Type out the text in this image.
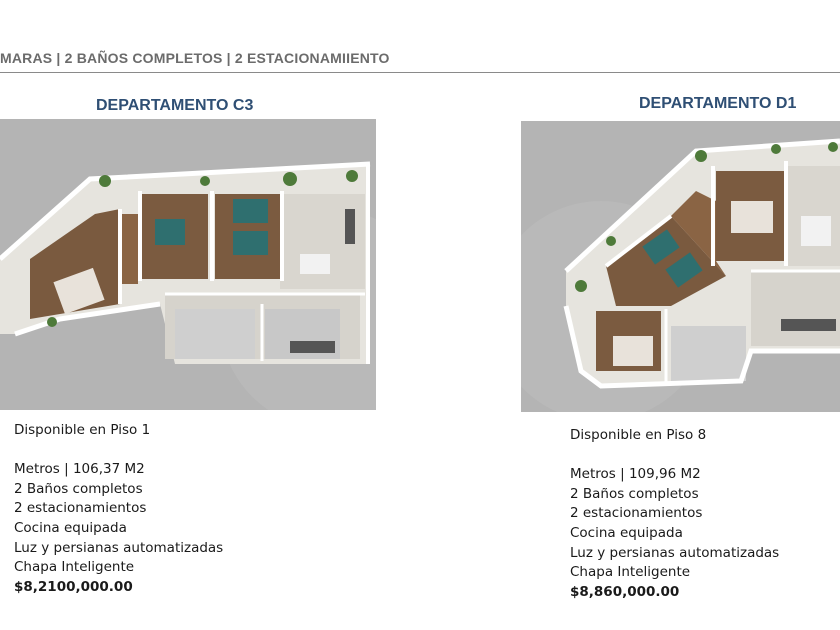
MARAS | 2 BAÑOS COMPLETOS | 2 ESTACIONAMIIENTO
DEPARTAMENTO C3
Disponible en Piso 1
Metros | 106,37 M2
2 Baños completos
2 estacionamientos
Cocina equipada
Luz y persianas automatizadas
Chapa Inteligente
$8,2100,000.00
DEPARTAMENTO D1
Disponible en Piso 8
Metros | 109,96 M2
2 Baños completos
2 estacionamientos
Cocina equipada
Luz y persianas automatizadas
Chapa Inteligente
$8,860,000.00
